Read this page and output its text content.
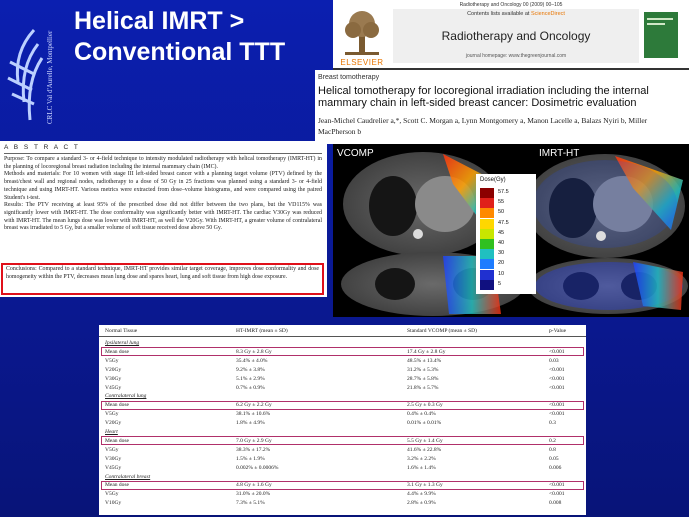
CRLC Val d'Aurelle, Montpellier
Helical IMRT > Conventional TTT
Radiotherapy and Oncology 00 (2009) 00–105
ELSEVIER
Contents lists available at ScienceDirect
Radiotherapy and Oncology
journal homepage: www.thegreenjournal.com
Breast tomotherapy
Helical tomotherapy for locoregional irradiation including the internal mammary chain in left-sided breast cancer: Dosimetric evaluation
Jean-Michel Caudrelier a,*, Scott C. Morgan a, Lynn Montgomery a, Manon Lacelle a, Balazs Nyiri b, Miller MacPherson b
A B S T R A C T

Purpose: To compare a standard 3- or 4-field technique to intensity modulated radiotherapy with helical tomotherapy (IMRT-HT) in the planning of locoregional breast radiation including the internal mammary chain (IMC).

Methods and materials: For 10 women with stage III left-sided breast cancer with a planning target volume (PTV) defined by the breast/chest wall and regional nodes, radiotherapy to a dose of 50 Gy in 25 fractions was planned using a standard 3- or 4-field technique and using IMRT-HT. Various metrics were extracted from dose–volume histograms, and were compared using the paired Student's t-test.

Results: The PTV receiving at least 95% of the prescribed dose did not differ between the two plans, but the VD115% was significantly lower with IMRT-HT. The dose conformality was significantly better with IMRT-HT. The cardiac V30Gy was reduced with IMRT-HT. The mean lungs dose was lower with IMRT-HT, as well the V20Gy. With IMRT-HT, a greater volume of contralateral breast was irradiated to 5 Gy, but a smaller volume of soft tissue received dose above 50 Gy.

Conclusions: Compared to a standard technique, IMRT-HT provides similar target coverage, improves dose conformality and dose homogeneity within the PTV, decreases mean lung dose and spares heart, lung and soft tissue from high dose exposure.
VCOMP	IMRT-HT
Dose(Gy)
57.5
55
50
47.5
45
40
30
20
10
5
Normal Tissue	HT-IMRT (mean ± SD)	Standard VCOMP (mean ± SD)	p-Value
Ipsilateral lung
Mean dose	8.3 Gy ± 2.8 Gy	17.4 Gy ± 2.8 Gy	<0.001
V5Gy	35.4% ± 4.0%	48.5% ± 13.4%	0.03
V20Gy	9.2% ± 3.8%	31.2% ± 5.3%	<0.001
V30Gy	5.1% ± 2.9%	28.7% ± 5.8%	<0.001
V45Gy	0.7% ± 0.9%	21.8% ± 5.7%	<0.001
Contralateral lung
Mean dose	6.2 Gy ± 2.2 Gy	2.5 Gy ± 0.3 Gy	<0.001
V5Gy	38.1% ± 10.6%	0.4% ± 0.4%	<0.001
V20Gy	1.8% ± 4.9%	0.01% ± 0.01%	0.3
Heart
Mean dose	7.0 Gy ± 2.9 Gy	5.5 Gy ± 1.4 Gy	0.2
V5Gy	38.3% ± 17.2%	41.6% ± 22.8%	0.8
V30Gy	1.5% ± 1.9%	3.2% ± 2.2%	0.05
V45Gy	0.002% ± 0.0006%	1.6% ± 1.4%	0.006
Contralateral breast
Mean dose	4.8 Gy ± 1.6 Gy	3.1 Gy ± 1.3 Gy	<0.001
V5Gy	31.0% ± 20.0%	4.4% ± 9.9%	<0.001
V10Gy	7.3% ± 5.1%	2.8% ± 0.9%	0.008
